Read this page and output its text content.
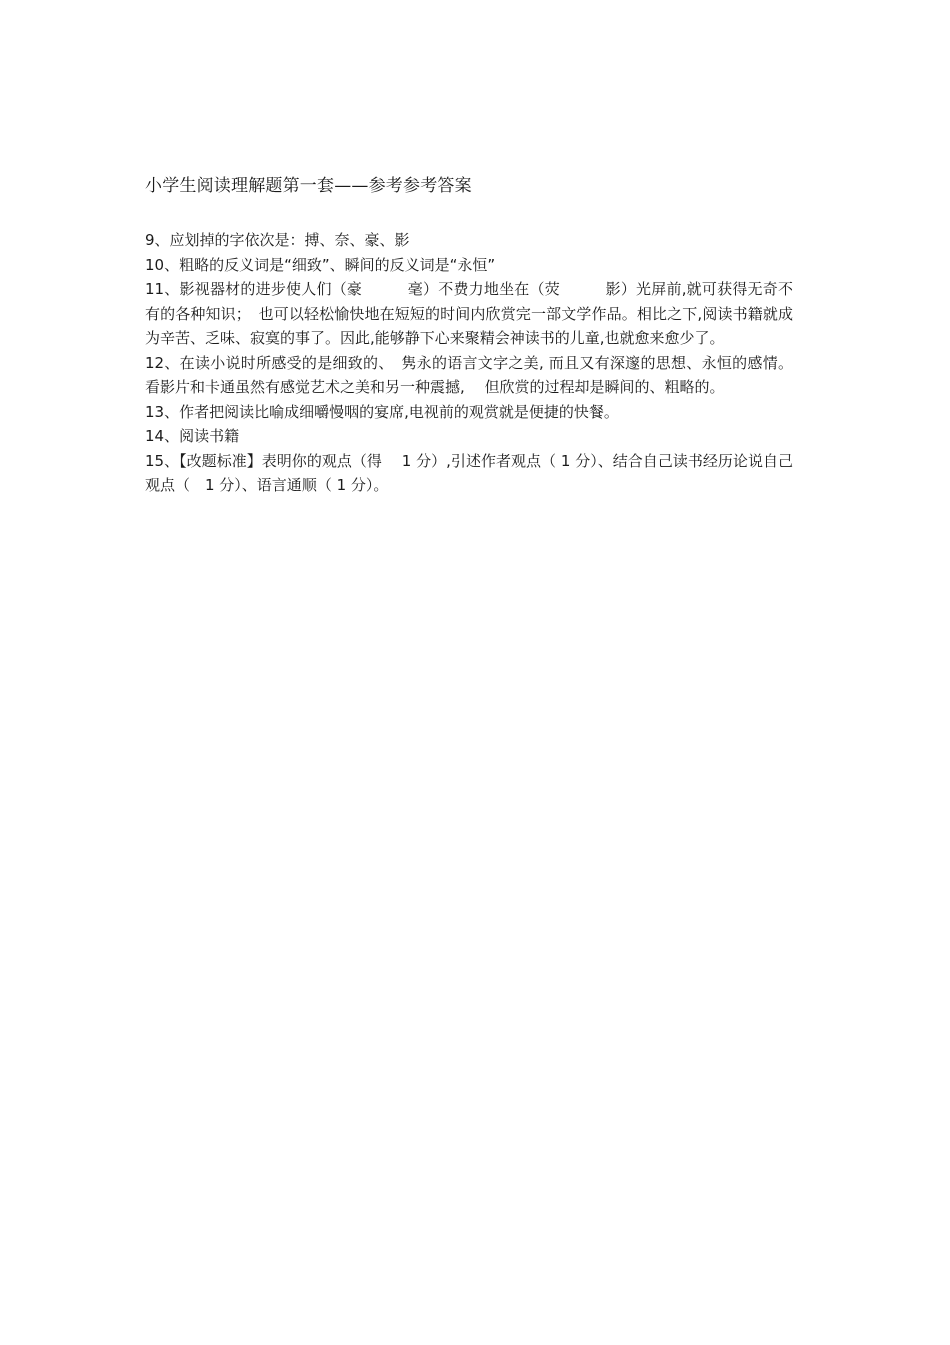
小学生阅读理解题第一套——参考参考答案

9、应划掉的字依次是：搏、奈、豪、影

10、粗略的反义词是“细致”、瞬间的反义词是“永恒”

11、影视器材的进步使人们（豪　　　毫）不费力地坐在（荧　　　影）光屏前,就可获得无奇不有的各种知识；　也可以轻松愉快地在短短的时间内欣赏完一部文学作品。相比之下,阅读书籍就成为辛苦、乏味、寂寞的事了。因此,能够静下心来聚精会神读书的儿童,也就愈来愈少了。

12、在读小说时所感受的是细致的、　隽永的语言文字之美, 而且又有深邃的思想、永恒的感情。 看影片和卡通虽然有感觉艺术之美和另一种震撼,　 但欣赏的过程却是瞬间的、粗略的。

13、作者把阅读比喻成细嚼慢咽的宴席,电视前的观赏就是便捷的快餐。

14、阅读书籍

15、【改题标准】表明你的观点（得　 1 分）,引述作者观点（ 1 分）、结合自己读书经历论说自己观点（　1 分）、语言通顺（ 1 分）。
